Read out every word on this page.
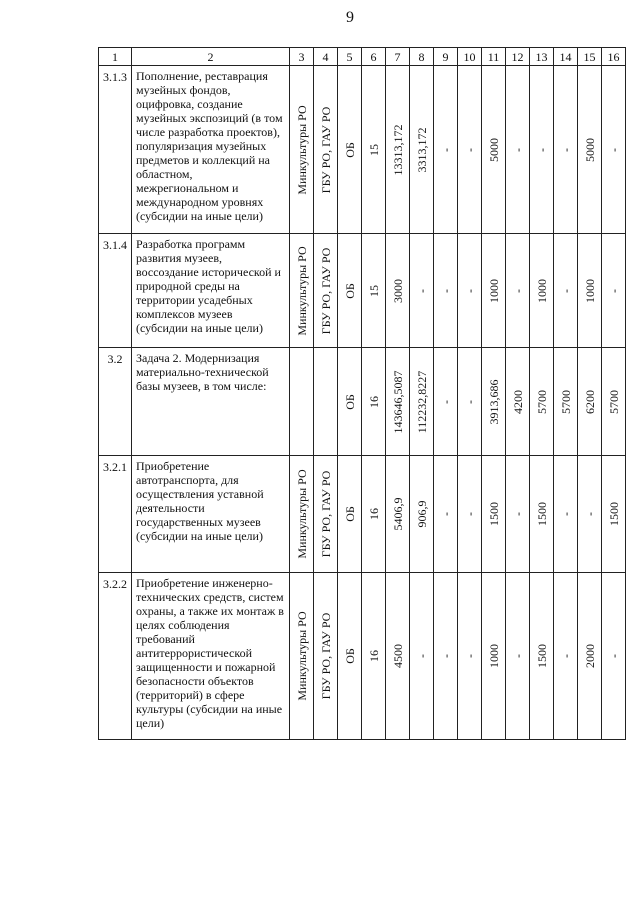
9
1	2	3	4	5	6	7	8	9	10	11	12	13	14	15	16
3.1.3	Пополнение, реставрация музейных фондов, оцифровка, создание музейных экспозиций (в том числе разработка проектов), популяризация музейных предметов и коллекций на областном, межрегиональном и международном уровнях (субсидии на иные цели)	Минкультуры РО	ГБУ РО, ГАУ РО	ОБ	15	13313,172	3313,172	-	-	5000	-	-	-	5000	-

3.1.4	Разработка программ развития музеев, воссоздание исторической и природной среды на территории усадебных комплексов музеев (субсидии на иные цели)	Минкультуры РО	ГБУ РО, ГАУ РО	ОБ	15	3000	-	-	-	1000	-	1000	-	1000	-

3.2	Задача 2. Модернизация материально-технической базы музеев, в том числе:			ОБ	16	143646,5087	112232,8227	-	-	3913,686	4200	5700	5700	6200	5700

3.2.1	Приобретение автотранспорта, для осуществления уставной деятельности государственных музеев (субсидии на иные цели)	Минкультуры РО	ГБУ РО, ГАУ РО	ОБ	16	5406,9	906,9	-	-	1500	-	1500	-	-	1500

3.2.2	Приобретение инженерно-технических средств, систем охраны, а также их монтаж в целях соблюдения требований антитеррористической защищенности и пожарной безопасности объектов (территорий) в сфере культуры (субсидии на иные цели)	Минкультуры РО	ГБУ РО, ГАУ РО	ОБ	16	4500	-	-	-	1000	-	1500	-	2000	-
